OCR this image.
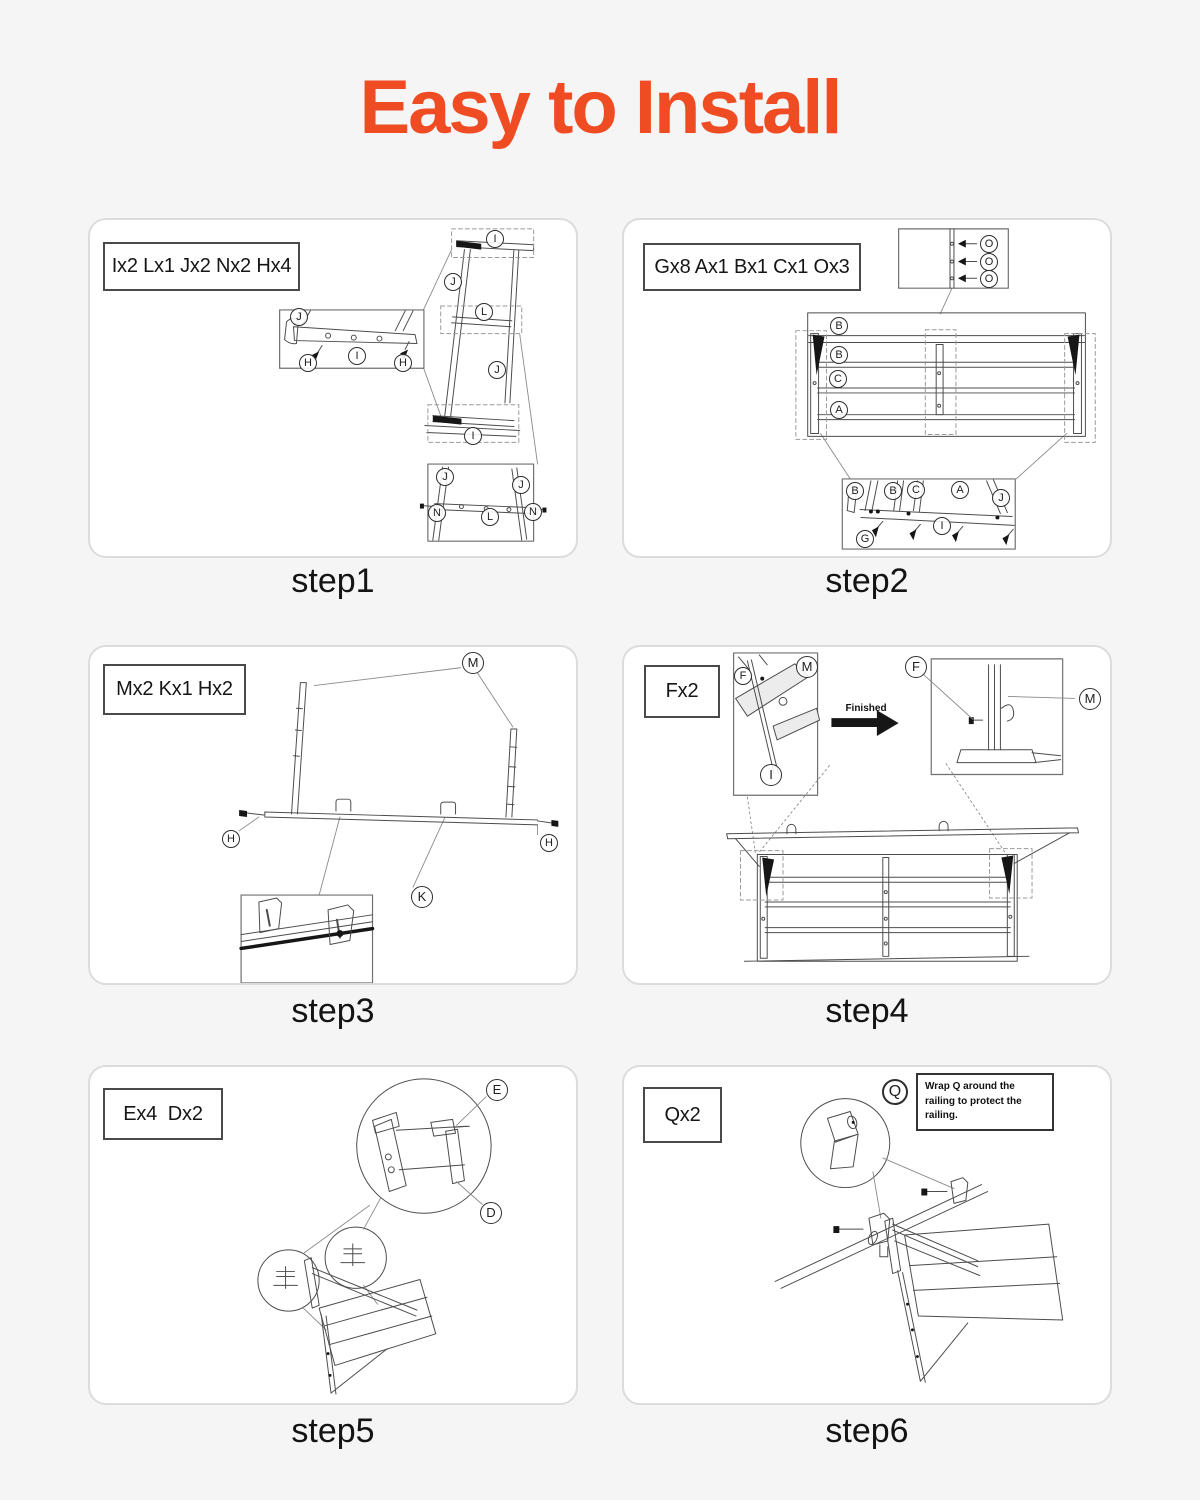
Easy to Install
Ix2 Lx1 Jx2 Nx2 Hx4
I
J
L
J
I
J
I
H	H
J
J
N	N
L
step1
Gx8 Ax1 Bx1 Cx1 Ox3
O
O
O
B
B
C
A
B	B	C	A
J
I
G
step2
Mx2 Kx1 Hx2
M
H	H
K
step3
Fx2
Finished
F
M
I
F
M
step4
Ex4  Dx2
E
D
step5
Qx2
Q	Wrap Q around the railing to protect the railing.
step6
